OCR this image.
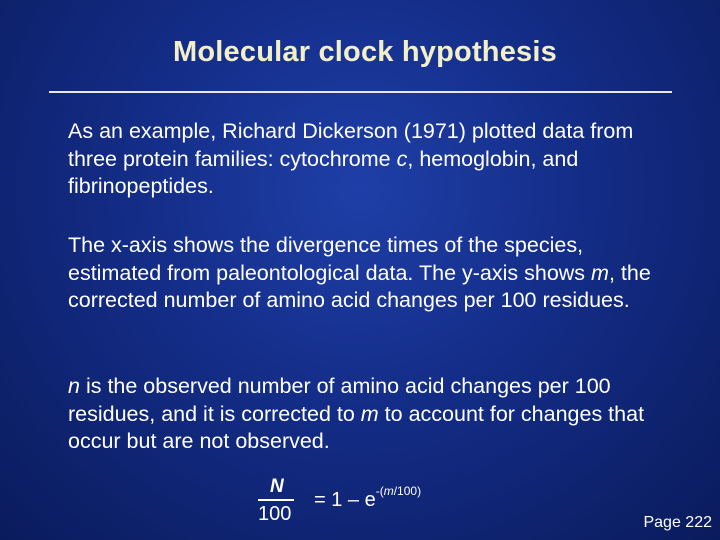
Molecular clock hypothesis
As an example, Richard Dickerson (1971) plotted data from three protein families: cytochrome c, hemoglobin, and fibrinopeptides.
The x-axis shows the divergence times of the species, estimated from paleontological data. The y-axis shows m, the corrected number of amino acid changes per 100 residues.
n is the observed number of amino acid changes per 100 residues, and it is corrected to m to account for changes that occur but are not observed.
N
100
= $1 - e^{-(m/100)}$
Page 222
